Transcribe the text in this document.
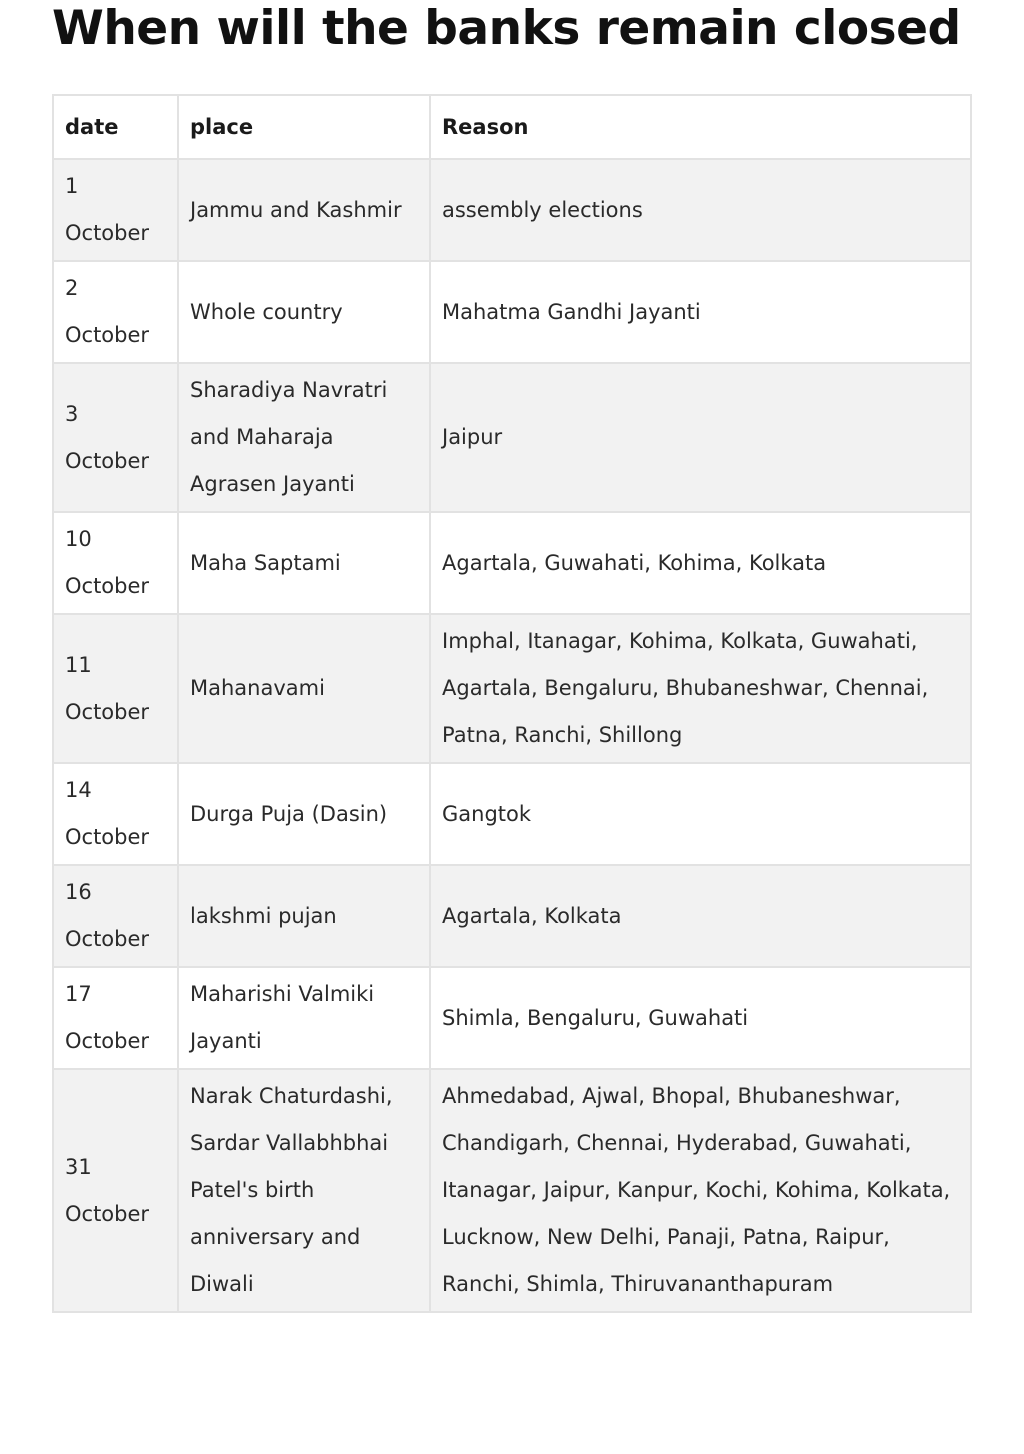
When will the banks remain closed
date	place	Reason

1
October	Jammu and Kashmir	assembly elections

2
October	Whole country	Mahatma Gandhi Jayanti

3
October	Sharadiya Navratri and Maharaja Agrasen Jayanti	Jaipur

10
October	Maha Saptami	Agartala, Guwahati, Kohima, Kolkata

11
October	Mahanavami	Imphal, Itanagar, Kohima, Kolkata, Guwahati, Agartala, Bengaluru, Bhubaneshwar, Chennai, Patna, Ranchi, Shillong

14
October	Durga Puja (Dasin)	Gangtok

16
October	lakshmi pujan	Agartala, Kolkata

17
October	Maharishi Valmiki Jayanti	Shimla, Bengaluru, Guwahati

31
October	Narak Chaturdashi, Sardar Vallabhbhai Patel's birth anniversary and Diwali	Ahmedabad, Ajwal, Bhopal, Bhubaneshwar, Chandigarh, Chennai, Hyderabad, Guwahati, Itanagar, Jaipur, Kanpur, Kochi, Kohima, Kolkata, Lucknow, New Delhi, Panaji, Patna, Raipur, Ranchi, Shimla, Thiruvananthapuram
